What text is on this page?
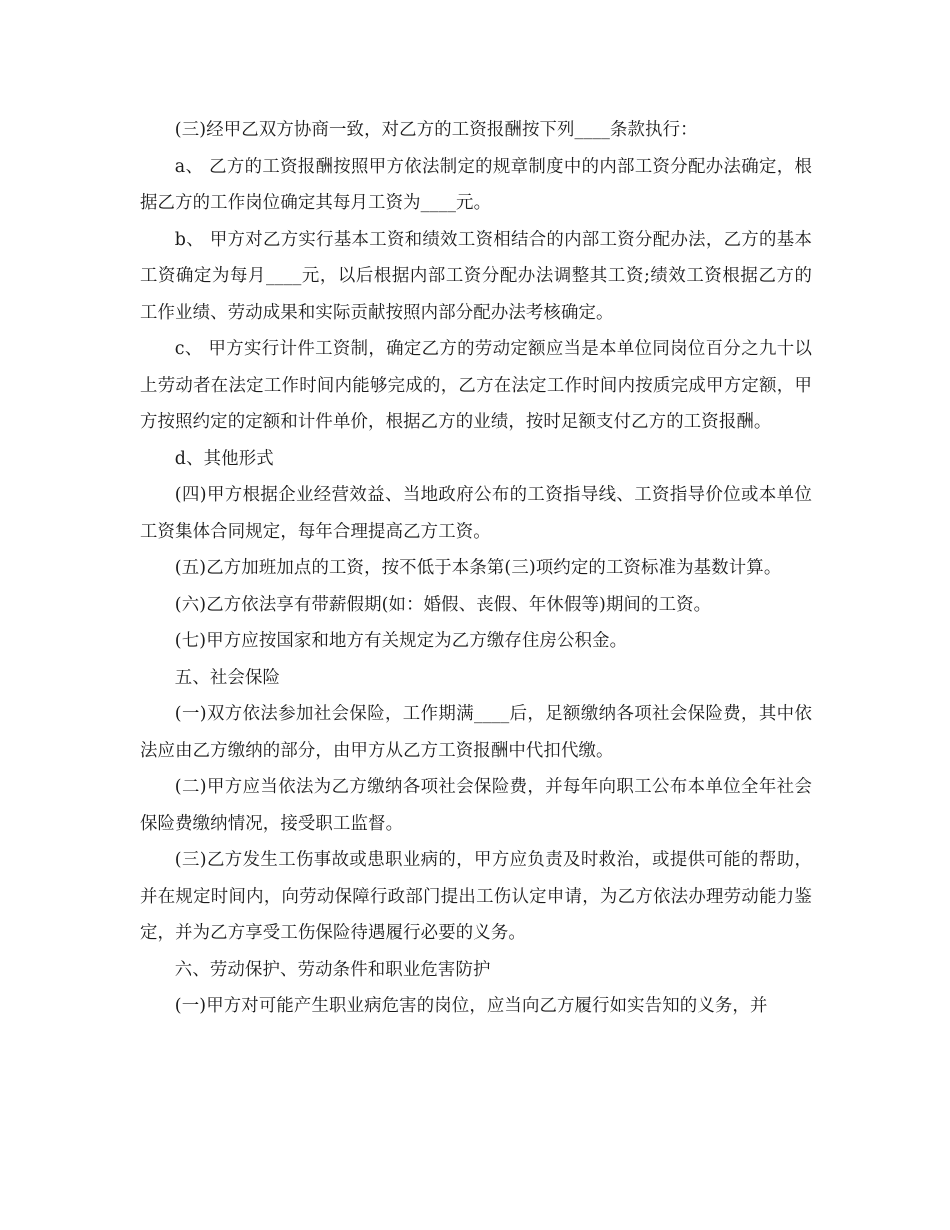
(三)经甲乙双方协商一致，对乙方的工资报酬按下列____条款执行：

a、 乙方的工资报酬按照甲方依法制定的规章制度中的内部工资分配办法确定，根据乙方的工作岗位确定其每月工资为____元。

b、 甲方对乙方实行基本工资和绩效工资相结合的内部工资分配办法，乙方的基本工资确定为每月____元，以后根据内部工资分配办法调整其工资;绩效工资根据乙方的工作业绩、劳动成果和实际贡献按照内部分配办法考核确定。

c、 甲方实行计件工资制，确定乙方的劳动定额应当是本单位同岗位百分之九十以上劳动者在法定工作时间内能够完成的，乙方在法定工作时间内按质完成甲方定额，甲方按照约定的定额和计件单价，根据乙方的业绩，按时足额支付乙方的工资报酬。

d、其他形式

(四)甲方根据企业经营效益、当地政府公布的工资指导线、工资指导价位或本单位工资集体合同规定，每年合理提高乙方工资。

(五)乙方加班加点的工资，按不低于本条第(三)项约定的工资标准为基数计算。

(六)乙方依法享有带薪假期(如：婚假、丧假、年休假等)期间的工资。

(七)甲方应按国家和地方有关规定为乙方缴存住房公积金。

五、社会保险

(一)双方依法参加社会保险，工作期满____后，足额缴纳各项社会保险费，其中依法应由乙方缴纳的部分，由甲方从乙方工资报酬中代扣代缴。

(二)甲方应当依法为乙方缴纳各项社会保险费，并每年向职工公布本单位全年社会保险费缴纳情况，接受职工监督。

(三)乙方发生工伤事故或患职业病的，甲方应负责及时救治，或提供可能的帮助，并在规定时间内，向劳动保障行政部门提出工伤认定申请，为乙方依法办理劳动能力鉴定，并为乙方享受工伤保险待遇履行必要的义务。

六、劳动保护、劳动条件和职业危害防护

(一)甲方对可能产生职业病危害的岗位，应当向乙方履行如实告知的义务，并
